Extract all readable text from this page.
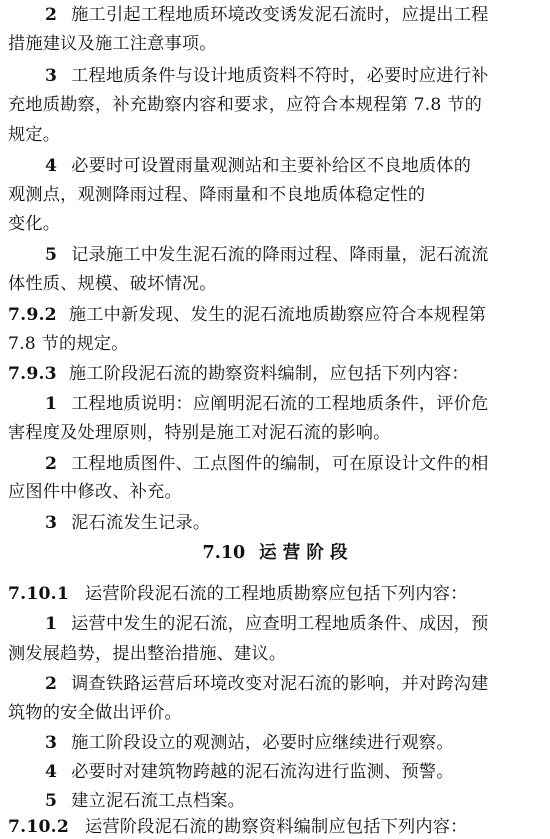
2 施工引起工程地质环境改变诱发泥石流时，应提出工程
措施建议及施工注意事项。
3 工程地质条件与设计地质资料不符时，必要时应进行补
充地质勘察，补充勘察内容和要求，应符合本规程第 7.8 节的
规定。
4 必要时可设置雨量观测站和主要补给区不良地质体的
观测点，观测降雨过程、降雨量和不良地质体稳定性的
变化。
5 记录施工中发生泥石流的降雨过程、降雨量，泥石流流
体性质、规模、破坏情况。
7.9.2 施工中新发现、发生的泥石流地质勘察应符合本规程第
7.8 节的规定。
7.9.3 施工阶段泥石流的勘察资料编制，应包括下列内容：
1 工程地质说明：应阐明泥石流的工程地质条件，评价危
害程度及处理原则，特别是施工对泥石流的影响。
2 工程地质图件、工点图件的编制，可在原设计文件的相
应图件中修改、补充。
3 泥石流发生记录。
7.10 运 营 阶 段
7.10.1 运营阶段泥石流的工程地质勘察应包括下列内容：
1 运营中发生的泥石流，应查明工程地质条件、成因，预
测发展趋势，提出整治措施、建议。
2 调查铁路运营后环境改变对泥石流的影响，并对跨沟建
筑物的安全做出评价。
3 施工阶段设立的观测站，必要时应继续进行观察。
4 必要时对建筑物跨越的泥石流沟进行监测、预警。
5 建立泥石流工点档案。
7.10.2 运营阶段泥石流的勘察资料编制应包括下列内容：
